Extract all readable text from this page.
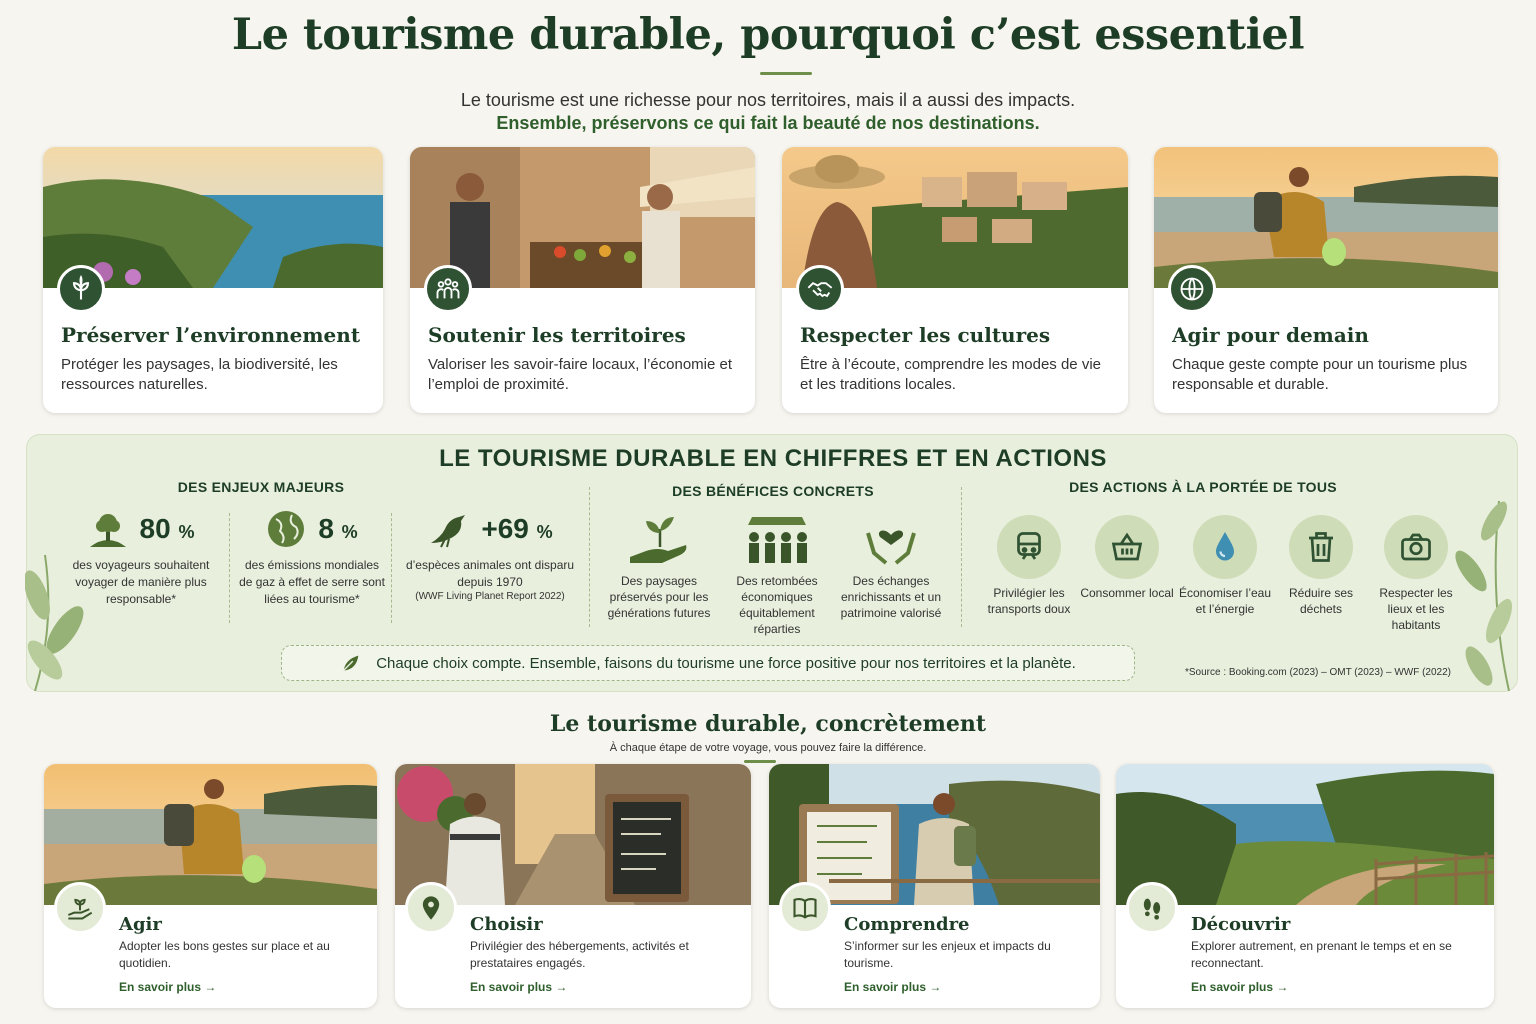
Le tourisme durable, pourquoi c’est essentiel
Le tourisme est une richesse pour nos territoires, mais il a aussi des impacts.
Ensemble, préservons ce qui fait la beauté de nos destinations.
Préserver l’environnement

Protéger les paysages, la biodiversité, les ressources naturelles.

Soutenir les territoires

Valoriser les savoir-faire locaux, l’économie et l’emploi de proximité.

Respecter les cultures

Être à l’écoute, comprendre les modes de vie et les traditions locales.

Agir pour demain

Chaque geste compte pour un tourisme plus responsable et durable.

LE TOURISME DURABLE EN CHIFFRES ET EN ACTIONS
DES ENJEUX MAJEURS	DES BÉNÉFICES CONCRETS	DES ACTIONS À LA PORTÉE DE TOUS
80 %
des voyageurs souhaitent voyager de manière plus responsable*
8 %
des émissions mondiales de gaz à effet de serre sont liées au tourisme*
+69 %
d’espèces animales ont disparu depuis 1970
(WWF Living Planet Report 2022)
Des paysages préservés pour les générations futures
Des retombées économiques équitablement réparties
Des échanges enrichissants et un patrimoine valorisé
Privilégier les transports doux
Consommer local Économiser l’eau et l’énergie
Réduire ses déchets
Respecter les lieux et les habitants
Chaque choix compte. Ensemble, faisons du tourisme une force positive pour nos territoires et la planète.
*Source : Booking.com (2023) – OMT (2023) – WWF (2022)
Le tourisme durable, concrètement
À chaque étape de votre voyage, vous pouvez faire la différence.
Agir

Adopter les bons gestes sur place et au quotidien.

En savoir plus →
Choisir

Privilégier des hébergements, activités et prestataires engagés.

En savoir plus →
Comprendre

S’informer sur les enjeux et impacts du tourisme.

En savoir plus →
Découvrir

Explorer autrement, en prenant le temps et en se reconnectant.

En savoir plus →
